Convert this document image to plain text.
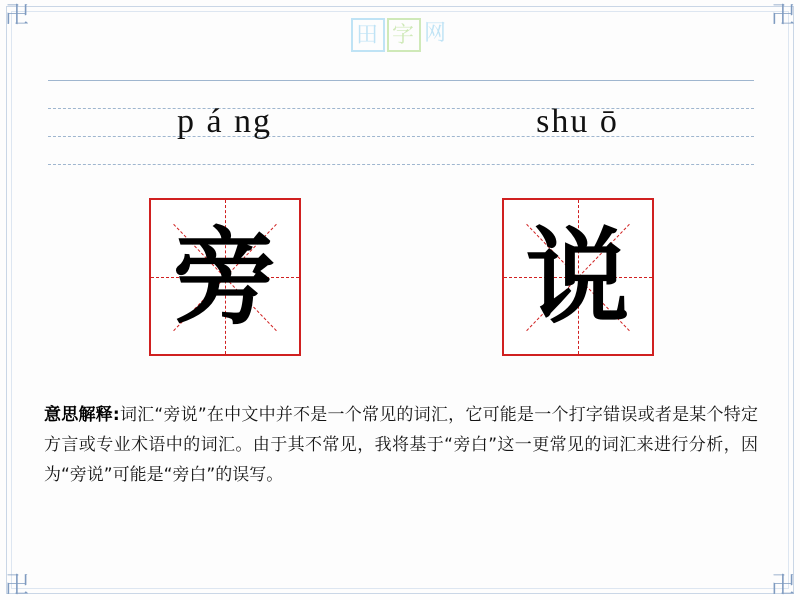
卍	卍
卍	卍
田 字 网
p á ng	shu ō
旁 说
意思解释:词汇“旁说”在中文中并不是一个常见的词汇，它可能是一个打字错误或者是某个特定方言或专业术语中的词汇。由于其不常见，我将基于“旁白”这一更常见的词汇来进行分析，因为“旁说”可能是“旁白”的误写。
